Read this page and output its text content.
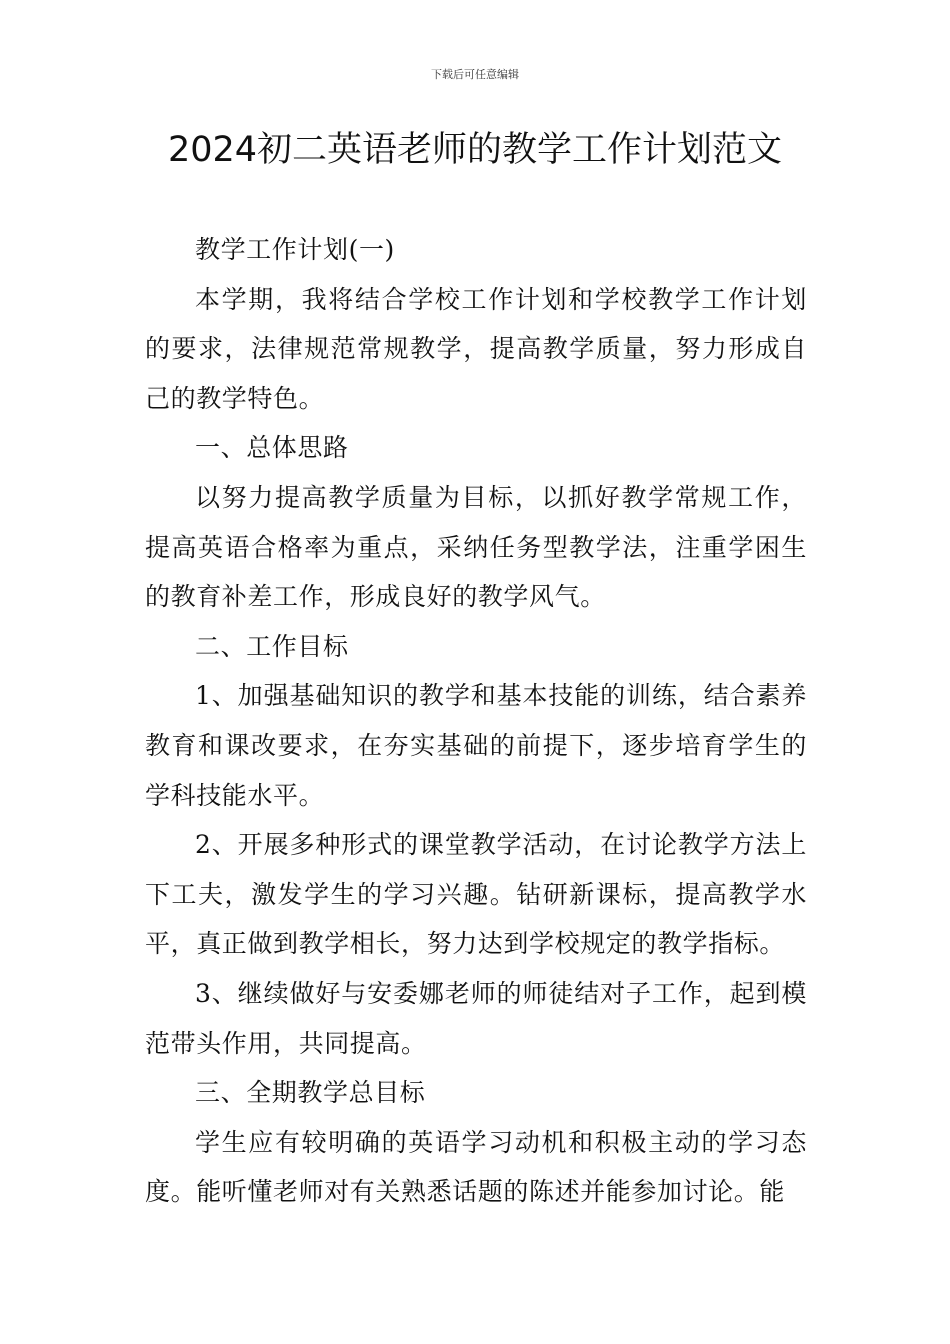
下载后可任意编辑
2024初二英语老师的教学工作计划范文

教学工作计划(一)

本学期，我将结合学校工作计划和学校教学工作计划的要求，法律规范常规教学，提高教学质量，努力形成自己的教学特色。

一、总体思路

以努力提高教学质量为目标，以抓好教学常规工作，提高英语合格率为重点，采纳任务型教学法，注重学困生的教育补差工作，形成良好的教学风气。

二、工作目标

1、加强基础知识的教学和基本技能的训练，结合素养教育和课改要求，在夯实基础的前提下，逐步培育学生的学科技能水平。

2、开展多种形式的课堂教学活动，在讨论教学方法上下工夫，激发学生的学习兴趣。钻研新课标，提高教学水平，真正做到教学相长，努力达到学校规定的教学指标。

3、继续做好与安委娜老师的师徒结对子工作，起到模范带头作用，共同提高。

三、全期教学总目标

学生应有较明确的英语学习动机和积极主动的学习态度。能听懂老师对有关熟悉话题的陈述并能参加讨论。能
